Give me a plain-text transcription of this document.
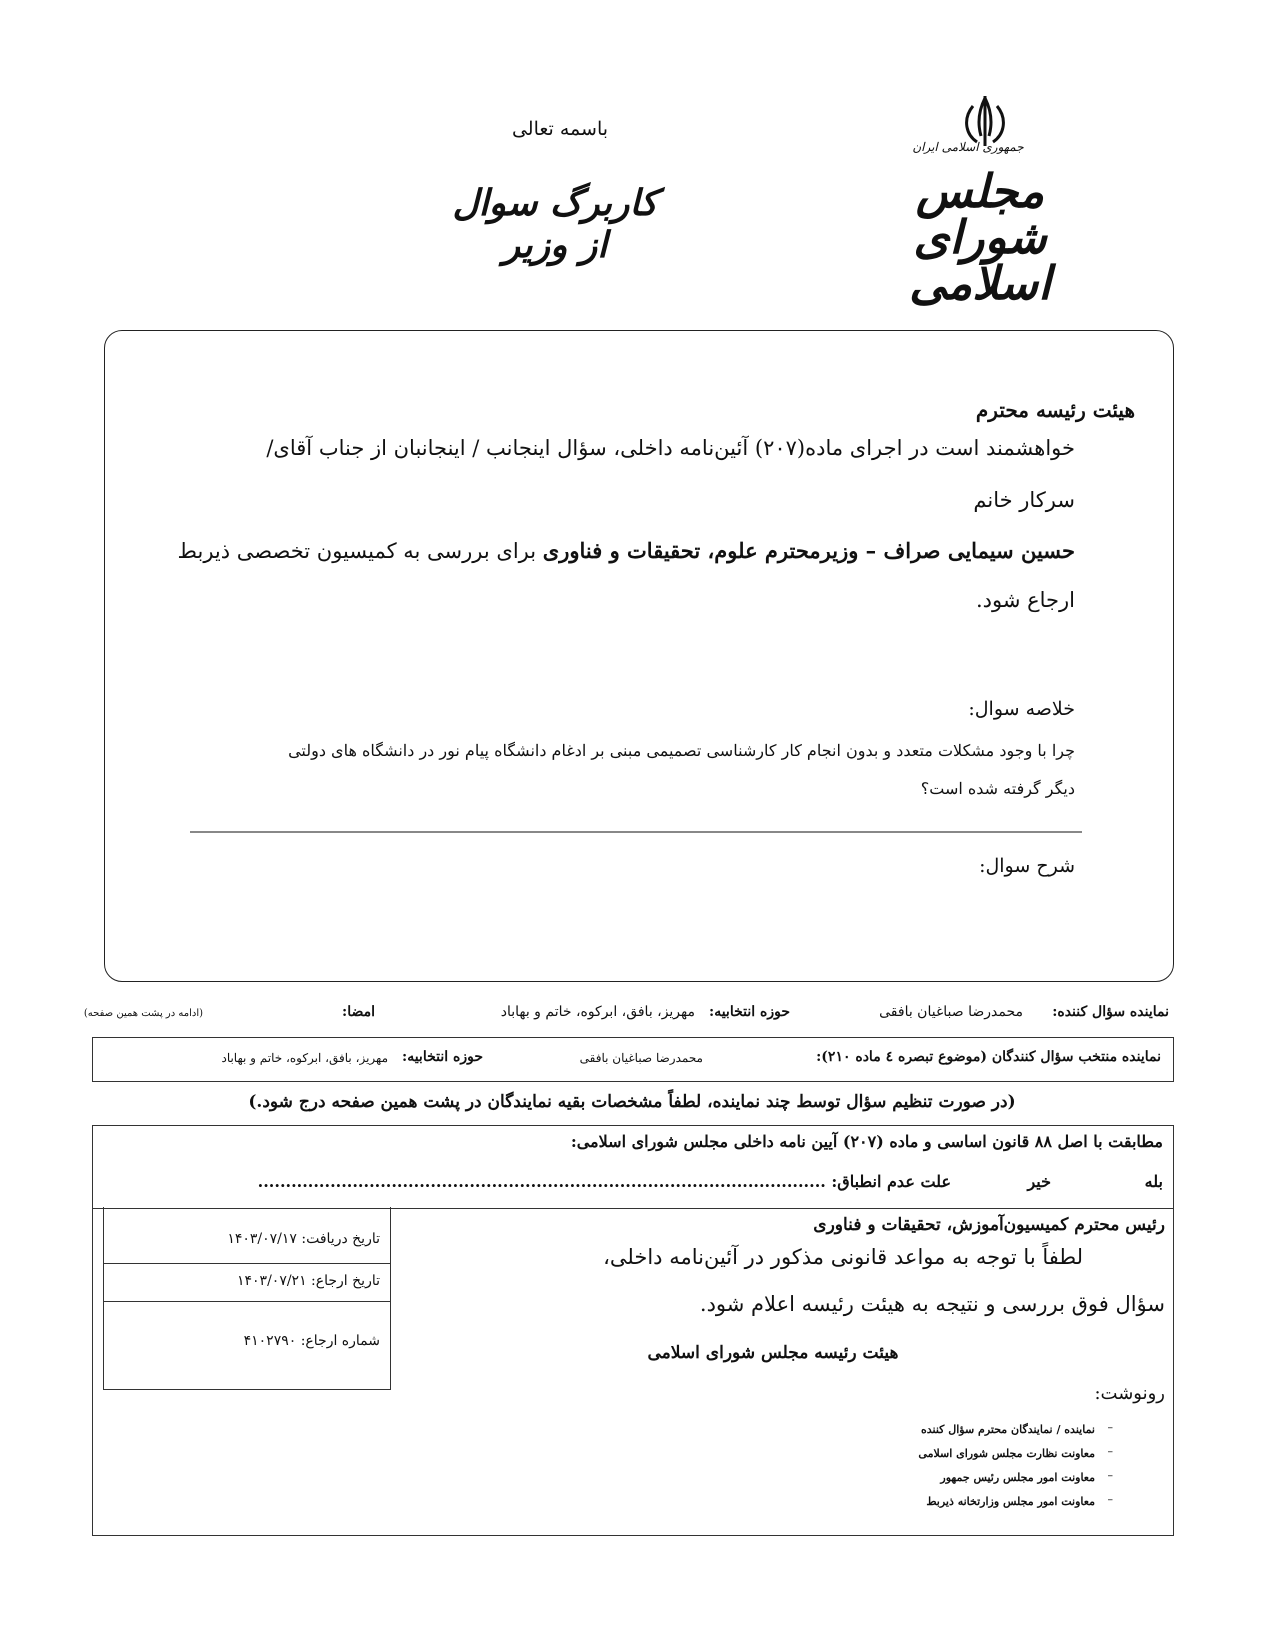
باسمه تعالی
کاربرگ سوال از وزیر
جمهوری اسلامی ایران
مجلس شورای اسلامی
هیئت رئیسه محترم
خواهشمند است در اجرای ماده(۲۰۷) آئین‌نامه داخلی، سؤال اینجانب / اینجانبان از جناب آقای/
سرکار خانم
حسین سیمایی صراف – وزیرمحترم علوم، تحقیقات و فناوری برای بررسی به کمیسیون تخصصی ذیربط
ارجاع شود.
خلاصه سوال:
چرا با وجود مشکلات متعدد و بدون انجام کار کارشناسی تصمیمی مبنی بر ادغام دانشگاه پیام نور در دانشگاه های دولتی
دیگر گرفته شده است؟
شرح سوال:
نماینده سؤال کننده:
محمدرضا صباغیان بافقی
حوزه انتخابیه:
مهریز، بافق، ابرکوه، خاتم و بهاباد
امضا:
(ادامه در پشت همین صفحه)
نماینده منتخب سؤال کنندگان (موضوع تبصره ٤ ماده ۲۱۰):
محمدرضا صباغیان بافقی
حوزه انتخابیه:
مهریز، بافق، ابرکوه، خاتم و بهاباد
(در صورت تنظیم سؤال توسط چند نماینده، لطفاً مشخصات بقیه نمایندگان در پشت همین صفحه درج شود.)
مطابقت با اصل ۸۸ قانون اساسی و ماده (۲۰۷) آیین نامه داخلی مجلس شورای اسلامی:
بله
خیر
علت عدم انطباق: ......................................................................................................
تاریخ دریافت: ۱۴۰۳/۰۷/۱۷
تاریخ ارجاع: ۱۴۰۳/۰۷/۲۱
شماره ارجاع: ۴۱۰۲۷۹۰
رئیس محترم کمیسیون‌آموزش، تحقیقات و فناوری
لطفاً با توجه به مواعد قانونی مذکور در آئین‌نامه داخلی،
سؤال فوق بررسی و نتیجه به هیئت رئیسه اعلام شود.
هیئت رئیسه مجلس شورای اسلامی
رونوشت:
نماینده / نمایندگان محترم سؤال کننده
معاونت نظارت مجلس شورای اسلامی
معاونت امور مجلس رئیس جمهور
معاونت امور مجلس وزارتخانه ذیربط
–
–
–
–
